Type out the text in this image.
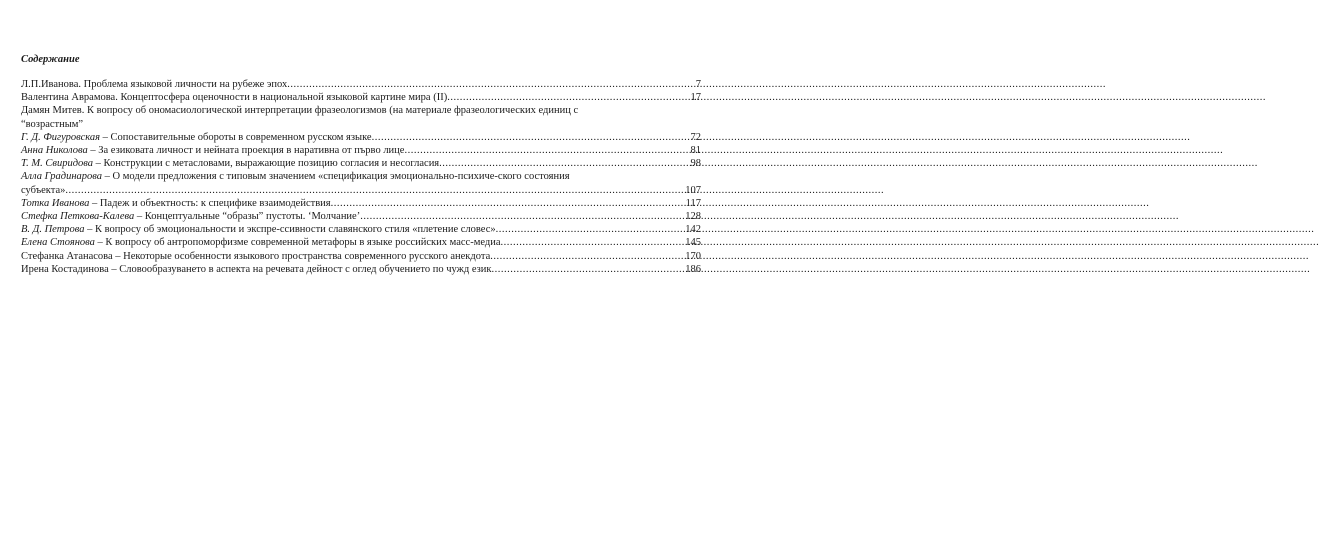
Содержание
Л.П.Иванова. Проблема языковой личности на рубеже эпох .....	7
Валентина Аврамова. Концептосфера оценочности в национальной языковой картине мира (II) .....	17
Дамян Митев. К вопросу об ономасиологической интерпретации фразеологизмов (на материале фразеологических единиц с
“возрастным”
Г. Д. Фигуровская – Сопоставительные обороты в современном русском языке .....	72
Анна Николова – За езиковата личност и нейната проекция в наративна от първо лице .....	81
Т. М. Свиридова – Конструкции с метасловами, выражающие позицию согласия и несогласия .....	98
Алла Градинарова – О модели предложения с типовым значением «спецификация эмоционально-психиче-ского состояния
субъекта» .....	107
Тотка Иванова – Падеж и объектность: к специфике взаимодействия .....	117
Стефка Петкова-Калева – Концептуальные “образы” пустоты. ‘Молчание’ .....	128
В. Д. Петрова – К вопросу об эмоциональности и экспре-ссивности славянского стиля «плетение словес» .....	142
Елена Стоянова – К вопросу об антропоморфизме современной метафоры в языке российских масс-медиа .....	145
Стефанка Атанасова – Некоторые особенности языкового пространства современного русского анекдота .....	170
Ирена Костадинова – Словообразуването в аспекта на речевата дейност с оглед обучението по чужд език .....	186
